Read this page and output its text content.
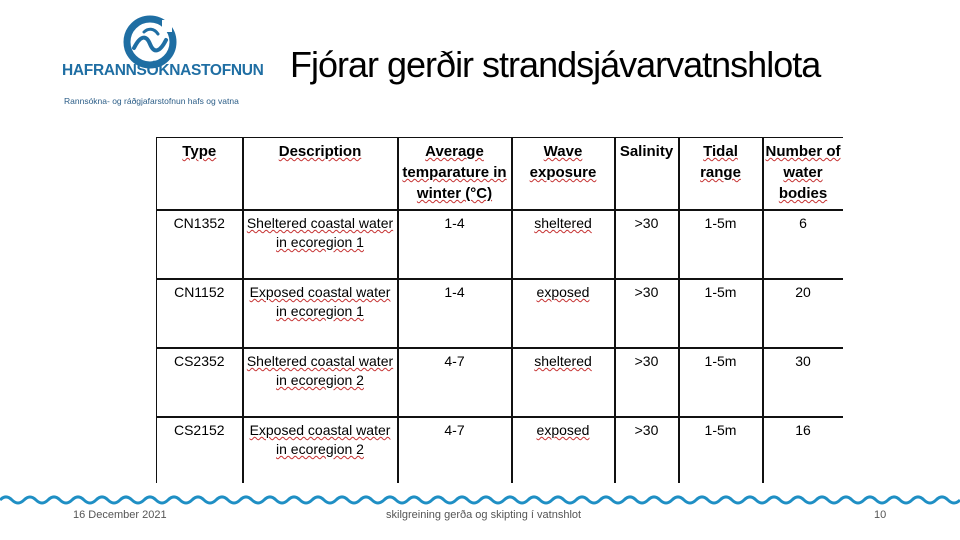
HAFRANNSÓKNASTOFNUN
Rannsókna- og ráðgjafarstofnun hafs og vatna
Fjórar gerðir strandsjávarvatnshlota
Type	Description	Average temparature in winter (°C)	Wave exposure	Salinity	Tidal range	Number of water bodies
CN1352	Sheltered coastal water in ecoregion 1	1-4	sheltered	>30	1-5m	6
CN1152	Exposed coastal water in ecoregion 1	1-4	exposed	>30	1-5m	20
CS2352	Sheltered coastal water in ecoregion 2	4-7	sheltered	>30	1-5m	30
CS2152	Exposed coastal water in ecoregion 2	4-7	exposed	>30	1-5m	16
16 December 2021	skilgreining gerða og skipting í vatnshlot	10
